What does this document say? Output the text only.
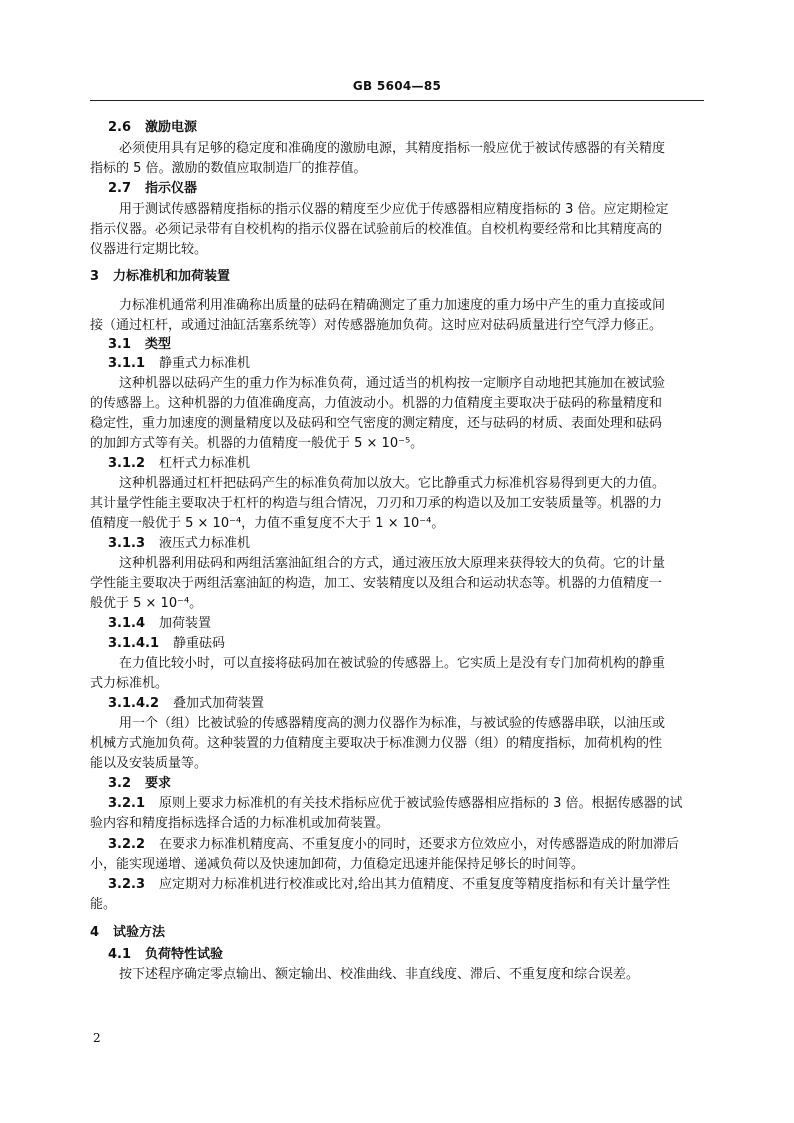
GB 5604—85
2.6 激励电源
必须使用具有足够的稳定度和准确度的激励电源，其精度指标一般应优于被试传感器的有关精度
指标的 5 倍。激励的数值应取制造厂的推荐值。
2.7 指示仪器
用于测试传感器精度指标的指示仪器的精度至少应优于传感器相应精度指标的 3 倍。应定期检定
指示仪器。必须记录带有自校机构的指示仪器在试验前后的校准值。自校机构要经常和比其精度高的
仪器进行定期比较。
3 力标准机和加荷装置
力标准机通常利用准确称出质量的砝码在精确测定了重力加速度的重力场中产生的重力直接或间
接（通过杠杆，或通过油缸活塞系统等）对传感器施加负荷。这时应对砝码质量进行空气浮力修正。
3.1 类型
3.1.1 静重式力标准机
这种机器以砝码产生的重力作为标准负荷，通过适当的机构按一定顺序自动地把其施加在被试验
的传感器上。这种机器的力值准确度高，力值波动小。机器的力值精度主要取决于砝码的称量精度和
稳定性，重力加速度的测量精度以及砝码和空气密度的测定精度，还与砝码的材质、表面处理和砝码
的加卸方式等有关。机器的力值精度一般优于 5 × 10⁻⁵。
3.1.2 杠杆式力标准机
这种机器通过杠杆把砝码产生的标准负荷加以放大。它比静重式力标准机容易得到更大的力值。
其计量学性能主要取决于杠杆的构造与组合情况，刀刃和刀承的构造以及加工安装质量等。机器的力
值精度一般优于 5 × 10⁻⁴，力值不重复度不大于 1 × 10⁻⁴。
3.1.3 液压式力标准机
这种机器利用砝码和两组活塞油缸组合的方式，通过液压放大原理来获得较大的负荷。它的计量
学性能主要取决于两组活塞油缸的构造，加工、安装精度以及组合和运动状态等。机器的力值精度一
般优于 5 × 10⁻⁴。
3.1.4 加荷装置
3.1.4.1 静重砝码
在力值比较小时，可以直接将砝码加在被试验的传感器上。它实质上是没有专门加荷机构的静重
式力标准机。
3.1.4.2 叠加式加荷装置
用一个（组）比被试验的传感器精度高的测力仪器作为标准，与被试验的传感器串联，以油压或
机械方式施加负荷。这种装置的力值精度主要取决于标准测力仪器（组）的精度指标，加荷机构的性
能以及安装质量等。
3.2 要求
3.2.1 原则上要求力标准机的有关技术指标应优于被试验传感器相应指标的 3 倍。根据传感器的试
验内容和精度指标选择合适的力标准机或加荷装置。
3.2.2 在要求力标准机精度高、不重复度小的同时，还要求方位效应小，对传感器造成的附加滞后
小，能实现递增、递减负荷以及快速加卸荷，力值稳定迅速并能保持足够长的时间等。
3.2.3 应定期对力标准机进行校准或比对,给出其力值精度、不重复度等精度指标和有关计量学性
能。
4 试验方法
4.1 负荷特性试验
按下述程序确定零点输出、额定输出、校准曲线、非直线度、滞后、不重复度和综合误差。
2
